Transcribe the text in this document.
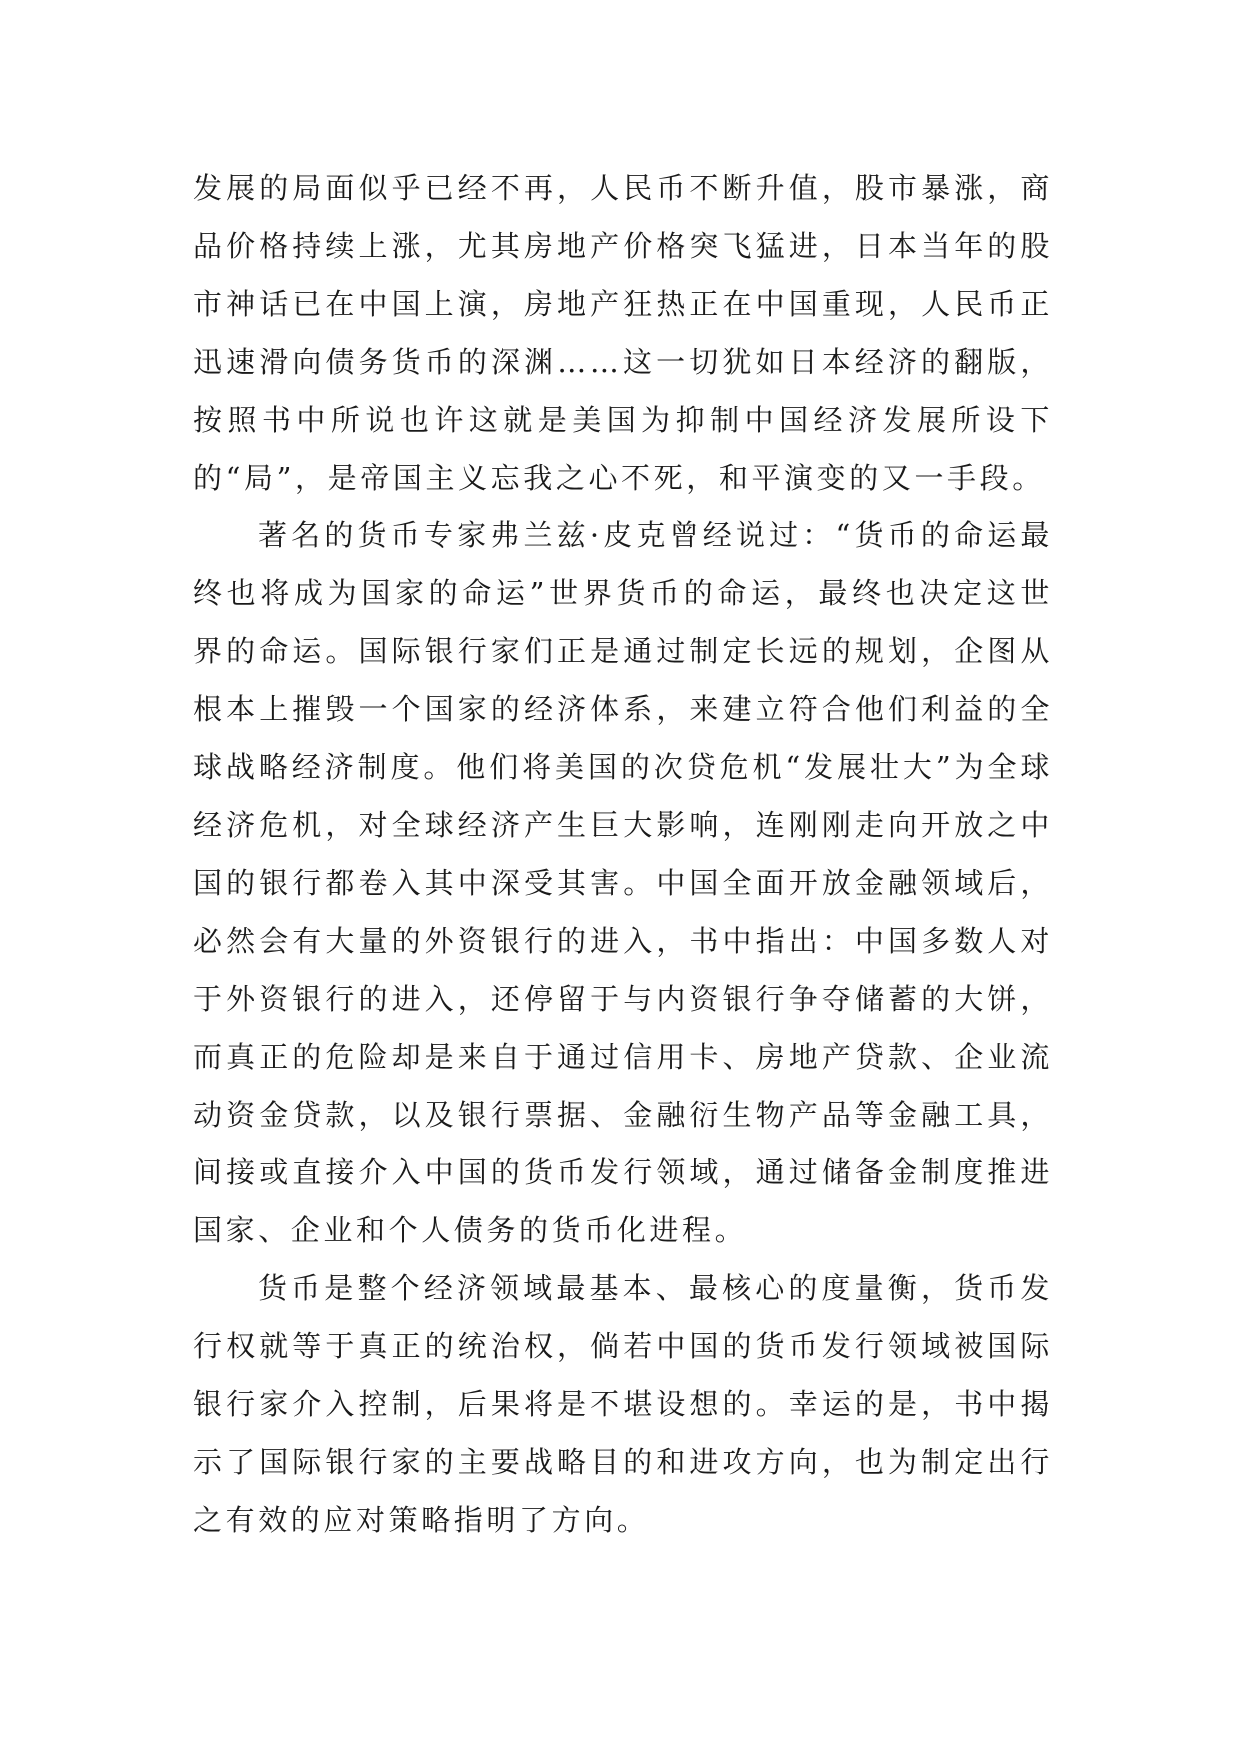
发展的局面似乎已经不再，人民币不断升值，股市暴涨，商品价格持续上涨，尤其房地产价格突飞猛进，日本当年的股市神话已在中国上演，房地产狂热正在中国重现，人民币正迅速滑向债务货币的深渊……这一切犹如日本经济的翻版，按照书中所说也许这就是美国为抑制中国经济发展所设下的“局”，是帝国主义忘我之心不死，和平演变的又一手段。

著名的货币专家弗兰兹·皮克曾经说过：“货币的命运最终也将成为国家的命运”世界货币的命运，最终也决定这世界的命运。国际银行家们正是通过制定长远的规划，企图从根本上摧毁一个国家的经济体系，来建立符合他们利益的全球战略经济制度。他们将美国的次贷危机“发展壮大”为全球经济危机，对全球经济产生巨大影响，连刚刚走向开放之中国的银行都卷入其中深受其害。中国全面开放金融领域后，必然会有大量的外资银行的进入，书中指出：中国多数人对于外资银行的进入，还停留于与内资银行争夺储蓄的大饼，而真正的危险却是来自于通过信用卡、房地产贷款、企业流动资金贷款，以及银行票据、金融衍生物产品等金融工具，间接或直接介入中国的货币发行领域，通过储备金制度推进国家、企业和个人债务的货币化进程。

货币是整个经济领域最基本、最核心的度量衡，货币发行权就等于真正的统治权，倘若中国的货币发行领域被国际银行家介入控制，后果将是不堪设想的。幸运的是，书中揭示了国际银行家的主要战略目的和进攻方向，也为制定出行之有效的应对策略指明了方向。
